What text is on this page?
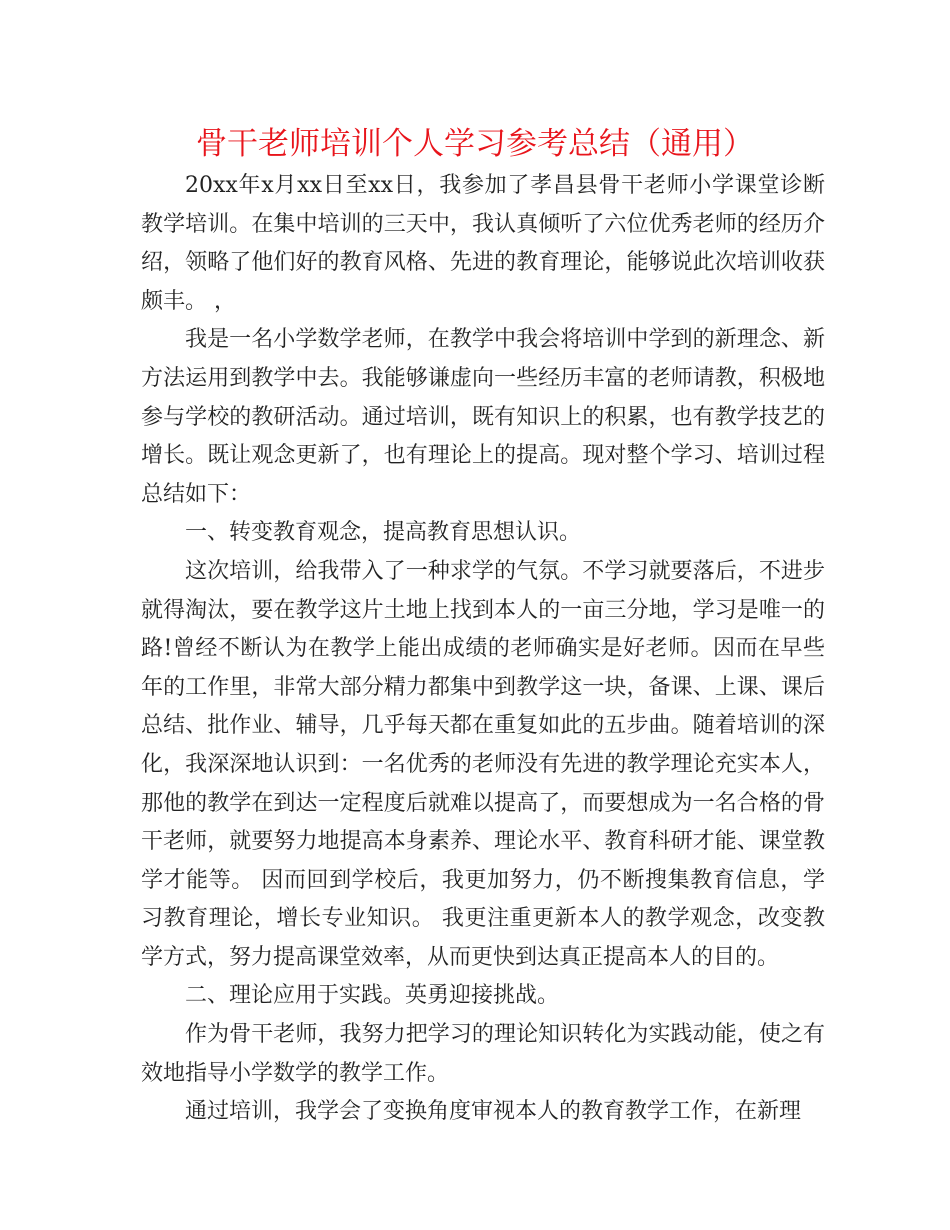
骨干老师培训个人学习参考总结（通用）

20xx年x月xx日至xx日，我参加了孝昌县骨干老师小学课堂诊断教学培训。在集中培训的三天中，我认真倾听了六位优秀老师的经历介绍，领略了他们好的教育风格、先进的教育理论，能够说此次培训收获颇丰。 ，

我是一名小学数学老师，在教学中我会将培训中学到的新理念、新方法运用到教学中去。我能够谦虚向一些经历丰富的老师请教，积极地参与学校的教研活动。通过培训，既有知识上的积累，也有教学技艺的增长。既让观念更新了，也有理论上的提高。现对整个学习、培训过程总结如下：

一、转变教育观念，提高教育思想认识。

这次培训，给我带入了一种求学的气氛。不学习就要落后，不进步就得淘汰，要在教学这片土地上找到本人的一亩三分地，学习是唯一的路!曾经不断认为在教学上能出成绩的老师确实是好老师。因而在早些年的工作里，非常大部分精力都集中到教学这一块，备课、上课、课后总结、批作业、辅导，几乎每天都在重复如此的五步曲。随着培训的深化，我深深地认识到：一名优秀的老师没有先进的教学理论充实本人，那他的教学在到达一定程度后就难以提高了，而要想成为一名合格的骨干老师，就要努力地提高本身素养、理论水平、教育科研才能、课堂教学才能等。 因而回到学校后，我更加努力，仍不断搜集教育信息，学习教育理论，增长专业知识。 我更注重更新本人的教学观念，改变教学方式，努力提高课堂效率，从而更快到达真正提高本人的目的。

二、理论应用于实践。英勇迎接挑战。

作为骨干老师，我努力把学习的理论知识转化为实践动能，使之有效地指导小学数学的教学工作。

通过培训，我学会了变换角度审视本人的教育教学工作，在新理
